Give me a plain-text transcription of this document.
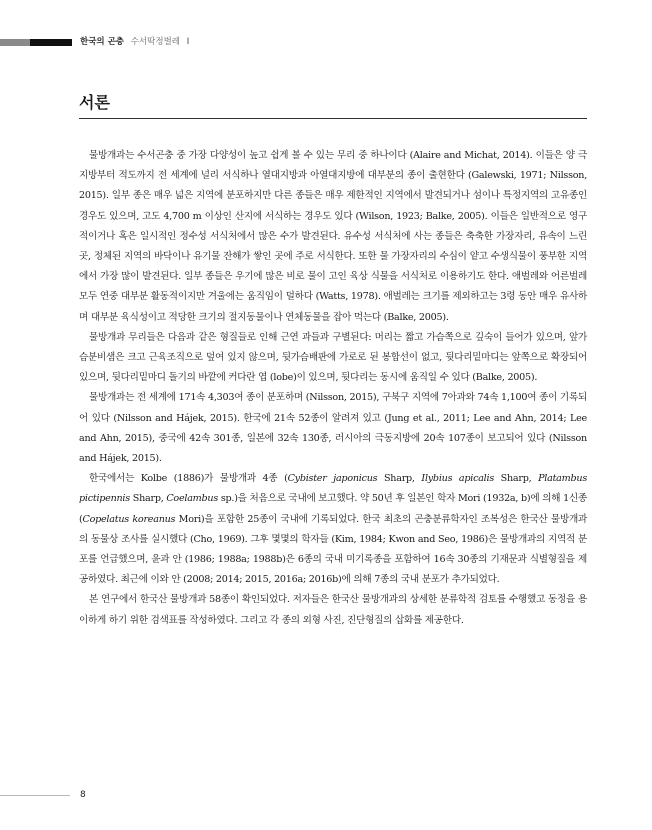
한국의 곤충 수서딱정벌레 I
서론

물방개과는 수서곤충 중 가장 다양성이 높고 쉽게 볼 수 있는 무리 중 하나이다 (Alaire and Michat, 2014). 이들은 양 극지방부터 적도까지 전 세계에 널리 서식하나 열대지방과 아열대지방에 대부분의 종이 출현한다 (Galewski, 1971; Nilsson, 2015). 일부 종은 매우 넓은 지역에 분포하지만 다른 종들은 매우 제한적인 지역에서 발견되거나 섬이나 특정지역의 고유종인 경우도 있으며, 고도 4,700 m 이상인 산지에 서식하는 경우도 있다 (Wilson, 1923; Balke, 2005). 이들은 일반적으로 영구적이거나 혹은 일시적인 정수성 서식처에서 많은 수가 발견된다. 유수성 서식처에 사는 종들은 축축한 가장자리, 유속이 느린 곳, 정체된 지역의 바닥이나 유기물 잔해가 쌓인 곳에 주로 서식한다. 또한 물 가장자리의 수심이 얕고 수생식물이 풍부한 지역에서 가장 많이 발견된다. 일부 종들은 우기에 많은 비로 물이 고인 육상 식물을 서식처로 이용하기도 한다. 애벌레와 어른벌레 모두 연중 대부분 활동적이지만 겨울에는 움직임이 덜하다 (Watts, 1978). 애벌레는 크기를 제외하고는 3령 동안 매우 유사하며 대부분 육식성이고 적당한 크기의 절지동물이나 연체동물을 잡아 먹는다 (Balke, 2005).

물방개과 무리들은 다음과 같은 형질들로 인해 근연 과들과 구별된다: 머리는 짧고 가슴쪽으로 깊숙이 들어가 있으며, 앞가슴분비샘은 크고 근육조직으로 덮여 있지 않으며, 뒷가슴배판에 가로로 된 봉합선이 없고, 뒷다리밑마디는 앞쪽으로 확장되어 있으며, 뒷다리밑마디 돌기의 바깥에 커다란 엽 (lobe)이 있으며, 뒷다리는 동시에 움직일 수 있다 (Balke, 2005).

물방개과는 전 세계에 171속 4,303여 종이 분포하며 (Nilsson, 2015), 구북구 지역에 7아과와 74속 1,100여 종이 기록되어 있다 (Nilsson and Hájek, 2015). 한국에 21속 52종이 알려져 있고 (Jung et al., 2011; Lee and Ahn, 2014; Lee and Ahn, 2015), 중국에 42속 301종, 일본에 32속 130종, 러시아의 극동지방에 20속 107종이 보고되어 있다 (Nilsson and Hájek, 2015).

한국에서는 Kolbe (1886)가 물방개과 4종 (Cybister japonicus Sharp, Ilybius apicalis Sharp, Platambus pictipennis Sharp, Coelambus sp.)을 처음으로 국내에 보고했다. 약 50년 후 일본인 학자 Mori (1932a, b)에 의해 1신종 (Copelatus koreanus Mori)을 포함한 25종이 국내에 기록되었다. 한국 최초의 곤충분류학자인 조복성은 한국산 물방개과의 동물상 조사를 실시했다 (Cho, 1969). 그후 몇몇의 학자들 (Kim, 1984; Kwon and Seo, 1986)은 물방개과의 지역적 분포를 언급했으며, 윤과 안 (1986; 1988a; 1988b)은 6종의 국내 미기록종을 포함하여 16속 30종의 기재문과 식별형질을 제공하였다. 최근에 이와 안 (2008; 2014; 2015, 2016a; 2016b)에 의해 7종의 국내 분포가 추가되었다.

본 연구에서 한국산 물방개과 58종이 확인되었다. 저자들은 한국산 물방개과의 상세한 분류학적 검토를 수행했고 동정을 용이하게 하기 위한 검색표를 작성하였다. 그리고 각 종의 외형 사진, 진단형질의 삽화를 제공한다.

8
